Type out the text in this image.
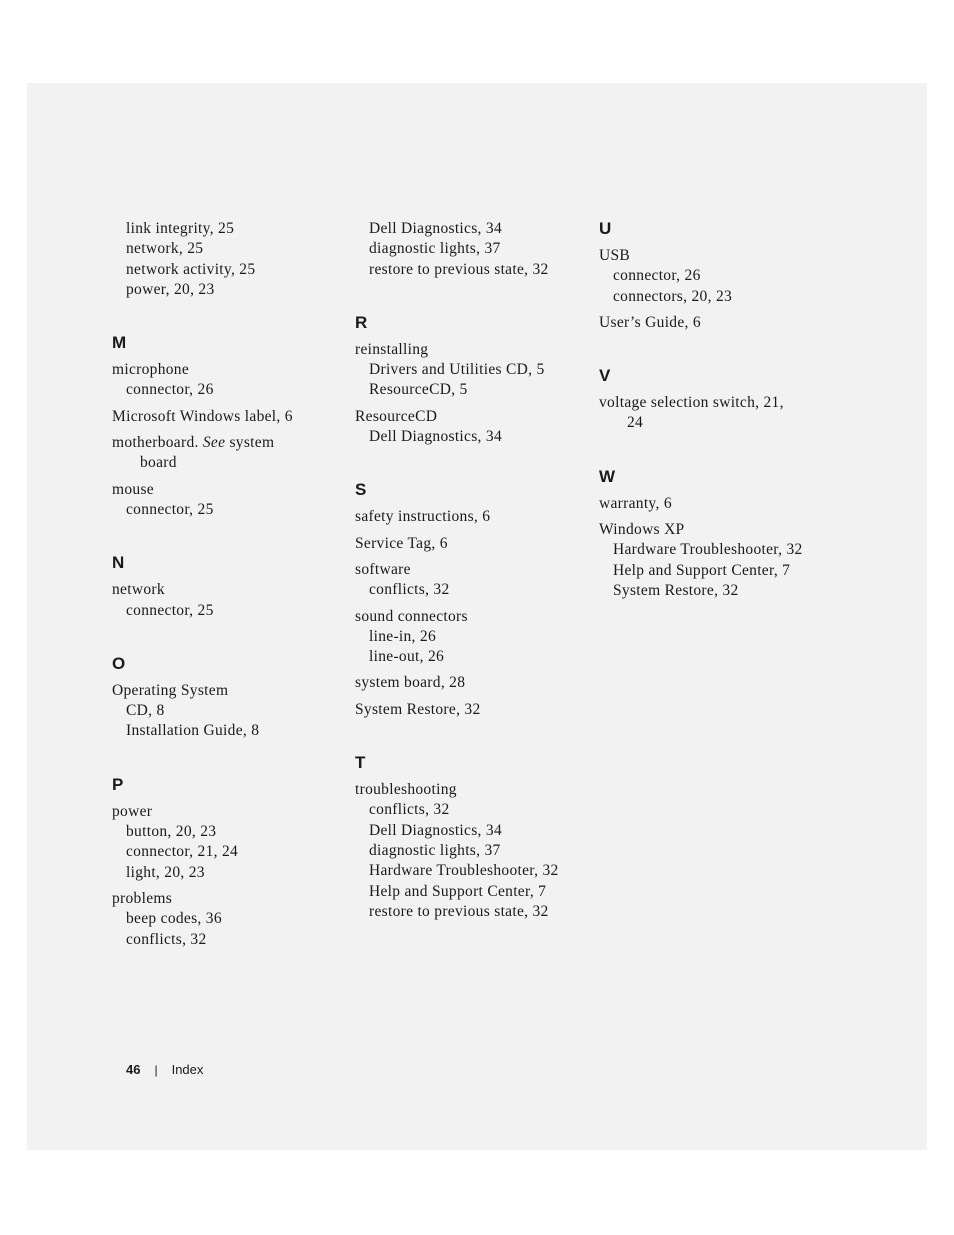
link integrity, 25
network, 25
network activity, 25
power, 20, 23
M
microphone
connector, 26
Microsoft Windows label, 6
motherboard. See system
board
mouse
connector, 25
N
network
connector, 25
O
Operating System
CD, 8
Installation Guide, 8
P
power
button, 20, 23
connector, 21, 24
light, 20, 23
problems
beep codes, 36
conflicts, 32
Dell Diagnostics, 34
diagnostic lights, 37
restore to previous state, 32
R
reinstalling
Drivers and Utilities CD, 5
ResourceCD, 5
ResourceCD
Dell Diagnostics, 34
S
safety instructions, 6
Service Tag, 6
software
conflicts, 32
sound connectors
line-in, 26
line-out, 26
system board, 28
System Restore, 32
T
troubleshooting
conflicts, 32
Dell Diagnostics, 34
diagnostic lights, 37
Hardware Troubleshooter, 32
Help and Support Center, 7
restore to previous state, 32
U
USB
connector, 26
connectors, 20, 23
User’s Guide, 6
V
voltage selection switch, 21,
24
W
warranty, 6
Windows XP
Hardware Troubleshooter, 32
Help and Support Center, 7
System Restore, 32
46 | Index
